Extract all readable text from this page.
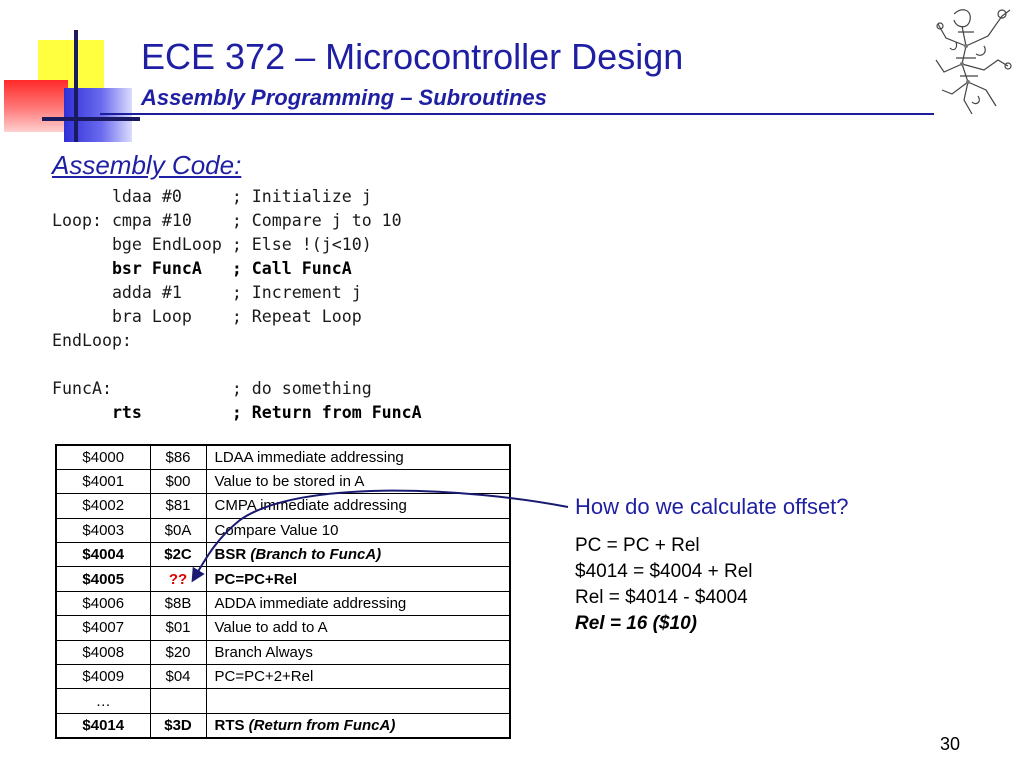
ECE 372 – Microcontroller Design
Assembly Programming – Subroutines
Assembly Code:
ldaa #0     ; Initialize j
Loop: cmpa #10    ; Compare j to 10
bge EndLoop ; Else !(j<10)
bsr FuncA   ; Call FuncA
adda #1     ; Increment j
bra Loop    ; Repeat Loop
EndLoop:
FuncA:            ; do something
rts         ; Return from FuncA
$4000	$86	LDAA immediate addressing
$4001	$00	Value to be stored in A
$4002	$81	CMPA immediate addressing
$4003	$0A	Compare Value 10
$4004	$2C	BSR (Branch to FuncA)
$4005	??	PC=PC+Rel
$4006	$8B	ADDA immediate addressing
$4007	$01	Value to add to A
$4008	$20	Branch Always
$4009	$04	PC=PC+2+Rel
…		
$4014	$3D	RTS (Return from FuncA)

How do we calculate offset?

PC = PC + Rel
$4014 = $4004 + Rel
Rel = $4014 - $4004
Rel = 16 ($10)
30
